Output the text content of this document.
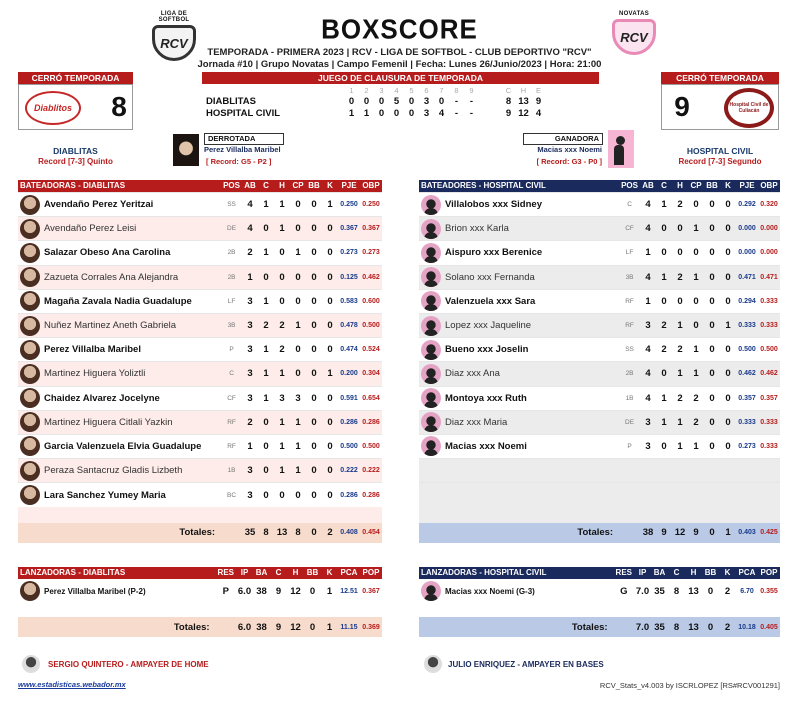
LIGA DE SOFTBOL
RCV
NOVATAS
RCV
BOXSCORE
TEMPORADA - PRIMERA 2023 | RCV - LIGA DE SOFTBOL - CLUB DEPORTIVO "RCV"
Jornada #10 | Grupo Novatas | Campo Femenil | Fecha: Lunes 26/Junio/2023 | Hora: 21:00
JUEGO DE CLAUSURA DE TEMPORADA
CERRÓ TEMPORADA
Diablitos 8
DIABLITAS
Record [7-3] Quinto
CERRÓ TEMPORADA
9	Hospital Civil de Culiacán
HOSPITAL CIVIL
Record [7-3] Segundo
1 2 3 4 5 6 7 8 9	C H E
DIABLITAS	0 0 0 5 0 3 0 - -	8 13 9
HOSPITAL CIVIL	1 1 0 0 0 3 4 - -	9 12 4
DERROTADA
Perez Villalba Maribel
[ Record: G5 - P2 ]
GANADORA
Macias xxx Noemi
[ Record: G3 - P0 ]
BATEADORAS - DIABLITAS		POS	AB	C	H	CP	BB	K	PJE	OBP
	Avendaño Perez Yeritzai	SS	4	1	1	0	0	1	0.250	0.250
	Avendaño Perez Leisi	DE	4	0	1	0	0	0	0.367	0.367
	Salazar Obeso Ana Carolina	2B	2	1	0	1	0	0	0.273	0.273
	Zazueta Corrales Ana Alejandra	2B	1	0	0	0	0	0	0.125	0.462
	Magaña Zavala Nadia Guadalupe	LF	3	1	0	0	0	0	0.583	0.600
	Nuñez Martinez Aneth Gabriela	3B	3	2	2	1	0	0	0.478	0.500
	Perez Villalba Maribel	P	3	1	2	0	0	0	0.474	0.524
	Martinez Higuera Yoliztli	C	3	1	1	0	0	1	0.200	0.304
	Chaidez Alvarez Jocelyne	CF	3	1	3	3	0	0	0.591	0.654
	Martinez Higuera Citlali Yazkin	RF	2	0	1	1	0	0	0.286	0.286
	Garcia Valenzuela Elvia Guadalupe	RF	1	0	1	1	0	0	0.500	0.500
	Peraza Santacruz Gladis Lizbeth	1B	3	0	1	1	0	0	0.222	0.222
	Lara Sanchez Yumey Maria	BC	3	0	0	0	0	0	0.286	0.286

Totales:			35	8	13	8	0	2	0.408	0.454
BATEADORES - HOSPITAL CIVIL		POS	AB	C	H	CP	BB	K	PJE	OBP
	Villalobos xxx Sidney	C	4	1	2	0	0	0	0.292	0.320
	Brion xxx Karla	CF	4	0	0	1	0	0	0.000	0.000
	Aispuro xxx Berenice	LF	1	0	0	0	0	0	0.000	0.000
	Solano xxx Fernanda	3B	4	1	2	1	0	0	0.471	0.471
	Valenzuela xxx Sara	RF	1	0	0	0	0	0	0.294	0.333
	Lopez xxx Jaqueline	RF	3	2	1	0	0	1	0.333	0.333
	Bueno xxx Joselin	SS	4	2	2	1	0	0	0.500	0.500
	Diaz xxx Ana	2B	4	0	1	1	0	0	0.462	0.462
	Montoya xxx Ruth	1B	4	1	2	2	0	0	0.357	0.357
	Diaz xxx Maria	DE	3	1	1	2	0	0	0.333	0.333
	Macias xxx Noemi	P	3	0	1	1	0	0	0.273	0.333

Totales:			38	9	12	9	0	1	0.403	0.425
LANZADORAS - DIABLITAS		RES	IP	BA	C	H	BB	K	PCA	POP
	Perez Villalba Maribel (P-2)	P	6.0	38	9	12	0	1	12.51	0.367

Totales:			6.0	38	9	12	0	1	11.15	0.369
LANZADORAS - HOSPITAL CIVIL		RES	IP	BA	C	H	BB	K	PCA	POP
	Macias xxx Noemi (G-3)	G	7.0	35	8	13	0	2	6.70	0.355

Totales:			7.0	35	8	13	0	2	10.18	0.405
SERGIO QUINTERO - AMPAYER DE HOME	JULIO ENRIQUEZ - AMPAYER EN BASES
www.estadisticas.webador.mx	RCV_Stats_v4.003 by ISCRLOPEZ [RS#RCV001291]
